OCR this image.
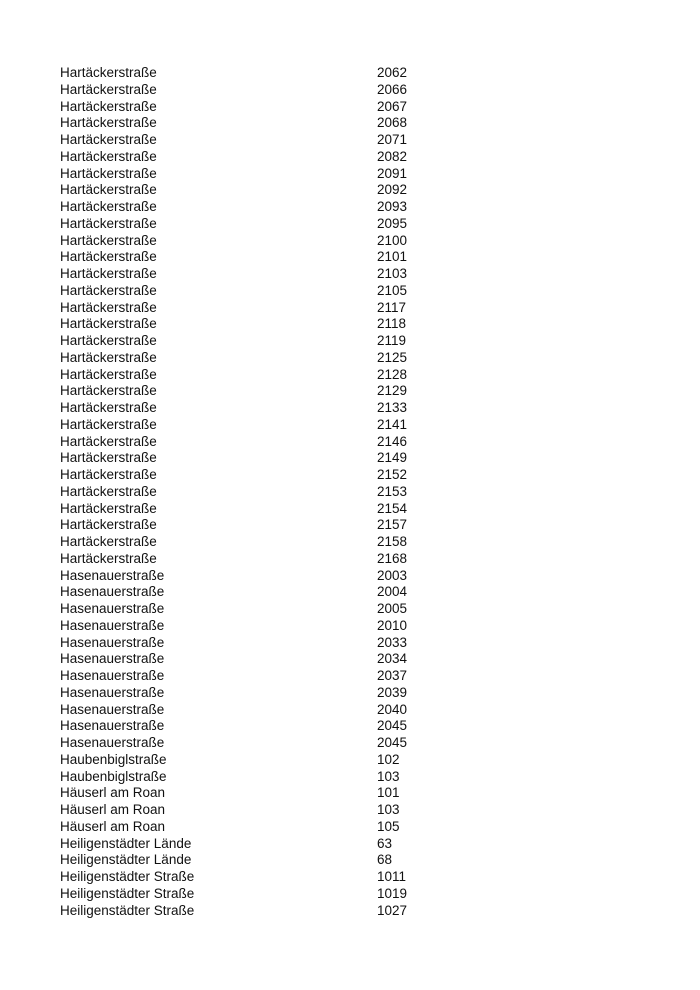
Hartäckerstraße	2062
Hartäckerstraße	2066
Hartäckerstraße	2067
Hartäckerstraße	2068
Hartäckerstraße	2071
Hartäckerstraße	2082
Hartäckerstraße	2091
Hartäckerstraße	2092
Hartäckerstraße	2093
Hartäckerstraße	2095
Hartäckerstraße	2100
Hartäckerstraße	2101
Hartäckerstraße	2103
Hartäckerstraße	2105
Hartäckerstraße	2117
Hartäckerstraße	2118
Hartäckerstraße	2119
Hartäckerstraße	2125
Hartäckerstraße	2128
Hartäckerstraße	2129
Hartäckerstraße	2133
Hartäckerstraße	2141
Hartäckerstraße	2146
Hartäckerstraße	2149
Hartäckerstraße	2152
Hartäckerstraße	2153
Hartäckerstraße	2154
Hartäckerstraße	2157
Hartäckerstraße	2158
Hartäckerstraße	2168
Hasenauerstraße	2003
Hasenauerstraße	2004
Hasenauerstraße	2005
Hasenauerstraße	2010
Hasenauerstraße	2033
Hasenauerstraße	2034
Hasenauerstraße	2037
Hasenauerstraße	2039
Hasenauerstraße	2040
Hasenauerstraße	2045
Hasenauerstraße	2045
Haubenbiglstraße	102
Haubenbiglstraße	103
Häuserl am Roan	101
Häuserl am Roan	103
Häuserl am Roan	105
Heiligenstädter Lände	63
Heiligenstädter Lände	68
Heiligenstädter Straße	1011
Heiligenstädter Straße	1019
Heiligenstädter Straße	1027
